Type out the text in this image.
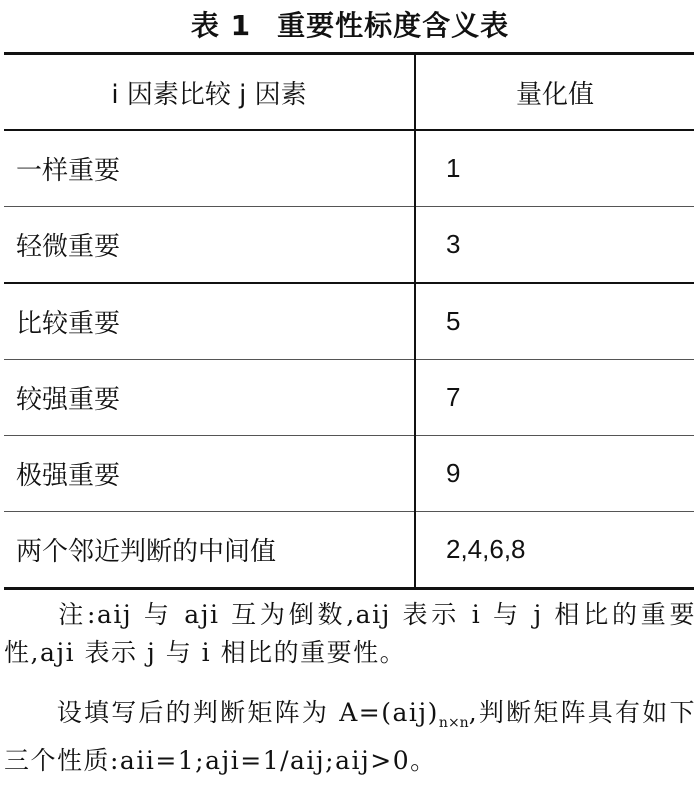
表 1 重要性标度含义表
i 因素比较 j 因素	量化值
一样重要	1
轻微重要	3
比较重要	5
较强重要	7
极强重要	9
两个邻近判断的中间值	2,4,6,8
注:aij 与 aji 互为倒数,aij 表示 i 与 j 相比的重要性,aji 表示 j 与 i 相比的重要性。
设填写后的判断矩阵为 $A=(aij)_{n\times n}$,判断矩阵具有如下三个性质:aii=1;aji=1/aij;aij>0。
